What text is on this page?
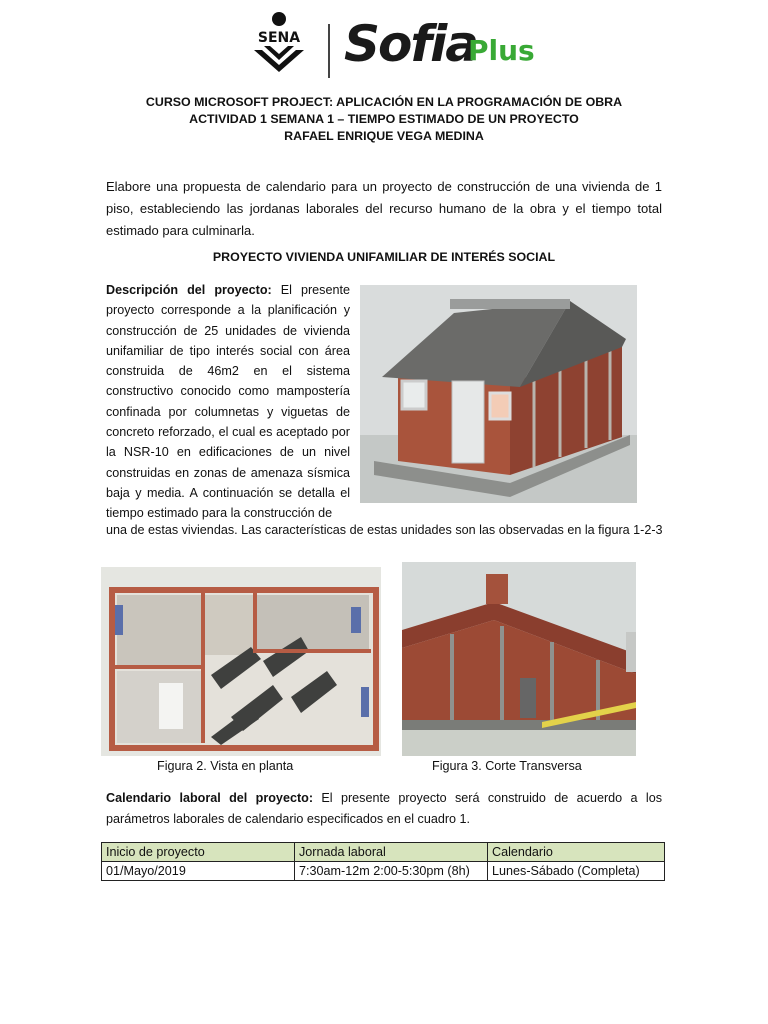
SENA Sofia
Plus
CURSO MICROSOFT PROJECT: APLICACIÓN EN LA PROGRAMACIÓN DE OBRA
ACTIVIDAD 1 SEMANA 1 – TIEMPO ESTIMADO DE UN PROYECTO
RAFAEL ENRIQUE VEGA MEDINA
Elabore una propuesta de calendario para un proyecto de construcción de una vivienda de 1 piso, estableciendo las jordanas laborales del recurso humano de la obra y el tiempo total estimado para culminarla.
PROYECTO VIVIENDA UNIFAMILIAR DE INTERÉS SOCIAL
Descripción del proyecto: El presente proyecto corresponde a la planificación y construcción de 25 unidades de vivienda unifamiliar de tipo interés social con área construida de 46m2 en el sistema constructivo conocido como mampostería confinada por columnetas y viguetas de concreto reforzado, el cual es aceptado por la NSR-10 en edificaciones de un nivel construidas en zonas de amenaza sísmica baja y media. A continuación se detalla el tiempo estimado para la construcción de
una de estas viviendas. Las características de estas unidades son las observadas en la figura 1-2-3
Figura 2. Vista en planta	Figura 3. Corte Transversa
Calendario laboral del proyecto: El presente proyecto será construido de acuerdo a los parámetros laborales de calendario especificados en el cuadro 1.
Inicio de proyecto	Jornada laboral	Calendario
01/Mayo/2019	7:30am-12m 2:00-5:30pm (8h)	Lunes-Sábado (Completa)
